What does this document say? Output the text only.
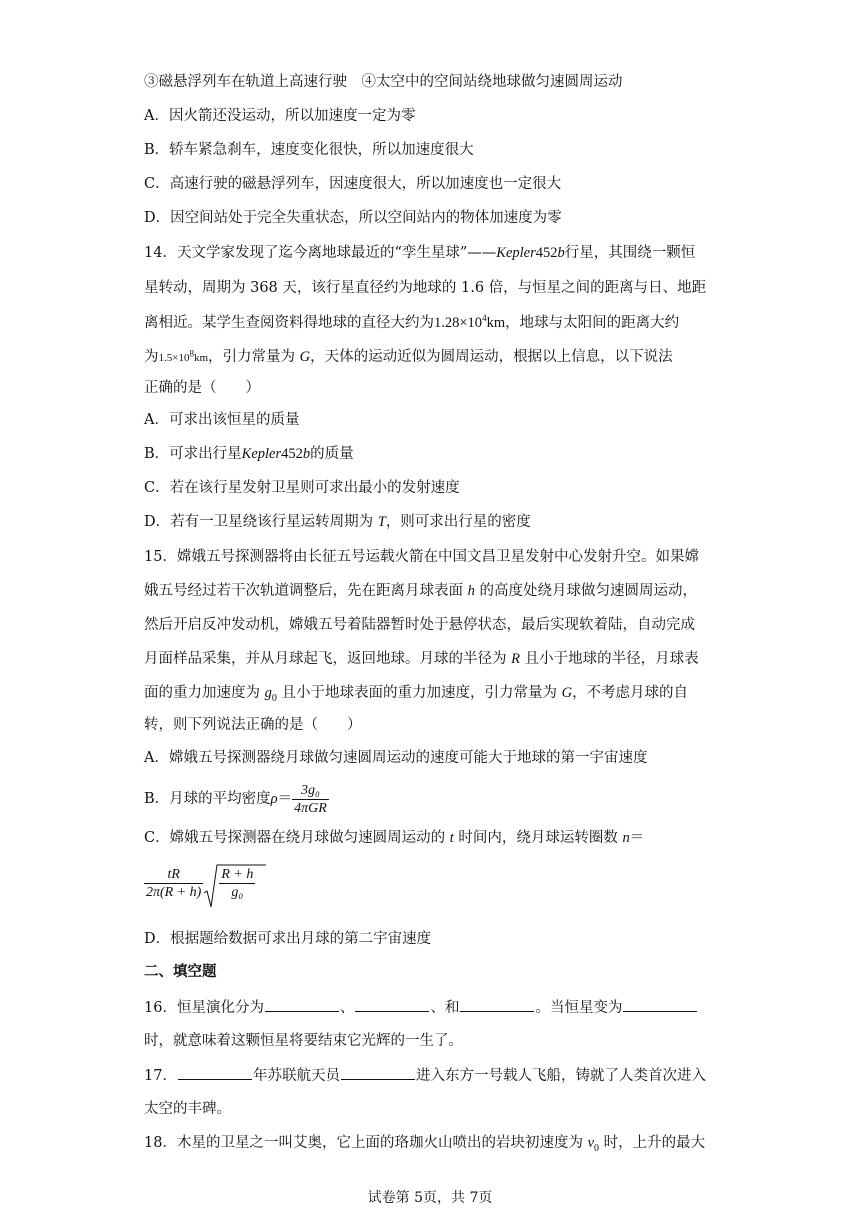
③磁悬浮列车在轨道上高速行驶　④太空中的空间站绕地球做匀速圆周运动
A．因火箭还没运动，所以加速度一定为零
B．轿车紧急刹车，速度变化很快，所以加速度很大
C．高速行驶的磁悬浮列车，因速度很大，所以加速度也一定很大
D．因空间站处于完全失重状态，所以空间站内的物体加速度为零
14．天文学家发现了迄今离地球最近的“孪生星球”——Kepler452b行星，其围绕一颗恒
星转动，周期为 368 天，该行星直径约为地球的 1.6 倍，与恒星之间的距离与日、地距
离相近。某学生查阅资料得地球的直径大约为$1.28\times 10^4km$，地球与太阳间的距离大约
为$1.5\times 10^8km$，引力常量为 G，天体的运动近似为圆周运动，根据以上信息，以下说法
正确的是（　　）
A．可求出该恒星的质量
B．可求出行星Kepler452b的质量
C．若在该行星发射卫星则可求出最小的发射速度
D．若有一卫星绕该行星运转周期为 T，则可求出行星的密度
15．嫦娥五号探测器将由长征五号运载火箭在中国文昌卫星发射中心发射升空。如果嫦
娥五号经过若干次轨道调整后，先在距离月球表面 h 的高度处绕月球做匀速圆周运动，
然后开启反冲发动机，嫦娥五号着陆器暂时处于悬停状态，最后实现软着陆，自动完成
月面样品采集，并从月球起飞，返回地球。月球的半径为 R 且小于地球的半径，月球表
面的重力加速度为 $g_0$ 且小于地球表面的重力加速度，引力常量为 G，不考虑月球的自
转，则下列说法正确的是（　　）
A．嫦娥五号探测器绕月球做匀速圆周运动的速度可能大于地球的第一宇宙速度
B．月球的平均密度$\rho= \frac{\text{3g₀}}{\text{4πGR}}$
C．嫦娥五号探测器在绕月球做匀速圆周运动的 t 时间内，绕月球运转圈数 n＝
$\frac{tR}{2\pi(R + h)} \frac{R + h}{\text{g₀}}$
D．根据题给数据可求出月球的第二宇宙速度
二、填空题
16．恒星演化分为	、	、和	。当恒星变为
时，就意味着这颗恒星将要结束它光辉的一生了。
17．	年苏联航天员	进入东方一号载人飞船，铸就了人类首次进入
太空的丰碑。
18．木星的卫星之一叫艾奥，它上面的珞珈火山喷出的岩块初速度为 $v_0$ 时，上升的最大
试卷第 5页，共 7页
